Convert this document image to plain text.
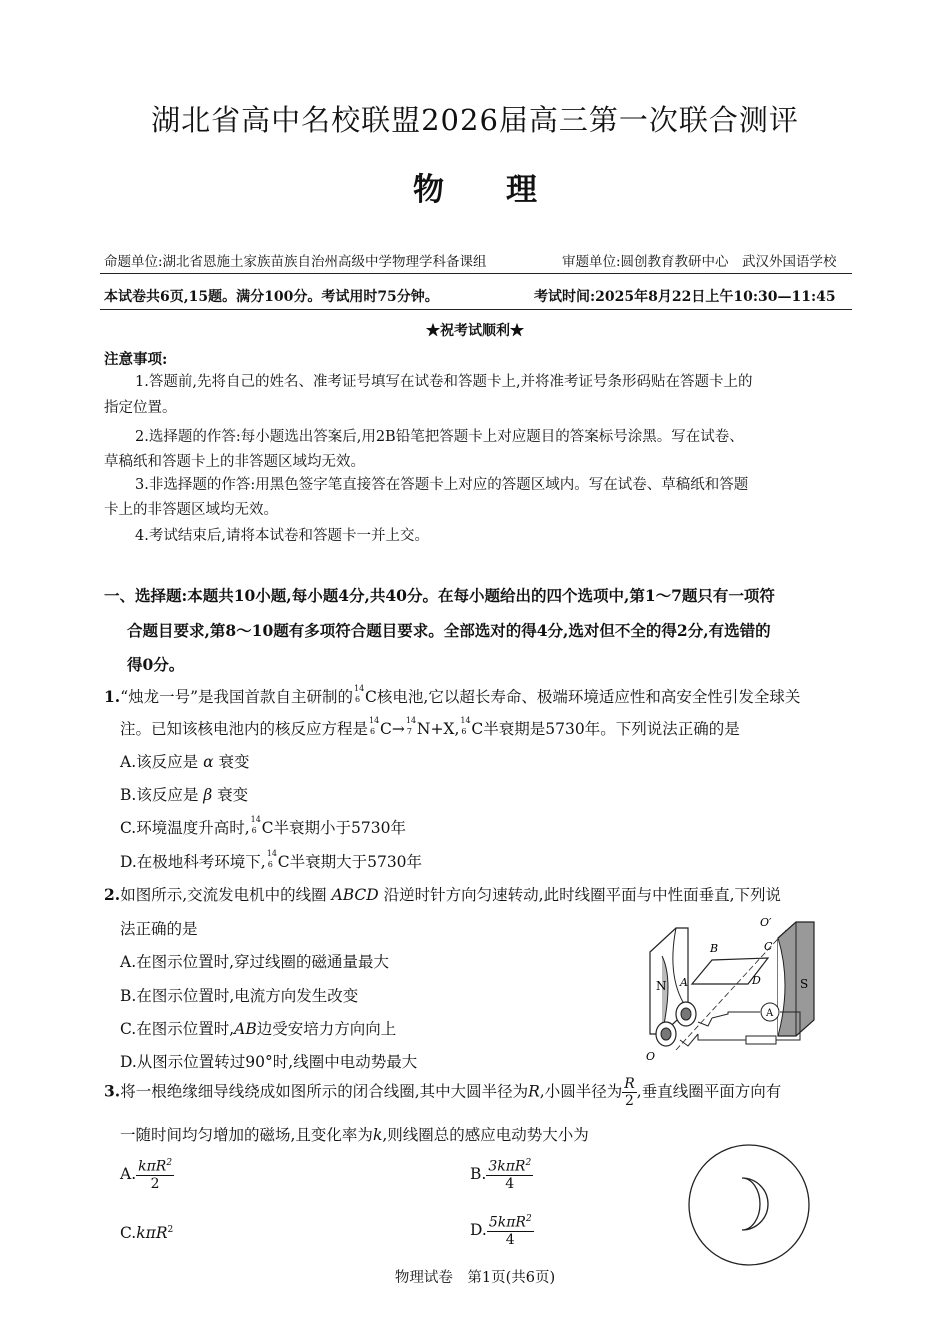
湖北省高中名校联盟2026届高三第一次联合测评
物理
命题单位:湖北省恩施土家族苗族自治州高级中学物理学科备课组	审题单位:圆创教育教研中心　武汉外国语学校
本试卷共6页,15题。满分100分。考试用时75分钟。	考试时间:2025年8月22日上午10:30—11:45
★祝考试顺利★
注意事项:
1.答题前,先将自己的姓名、准考证号填写在试卷和答题卡上,并将准考证号条形码贴在答题卡上的
指定位置。
2.选择题的作答:每小题选出答案后,用2B铅笔把答题卡上对应题目的答案标号涂黑。写在试卷、
草稿纸和答题卡上的非答题区域均无效。
3.非选择题的作答:用黑色签字笔直接答在答题卡上对应的答题区域内。写在试卷、草稿纸和答题
卡上的非答题区域均无效。
4.考试结束后,请将本试卷和答题卡一并上交。
一、选择题:本题共10小题,每小题4分,共40分。在每小题给出的四个选项中,第1～7题只有一项符
合题目要求,第8～10题有多项符合题目要求。全部选对的得4分,选对但不全的得2分,有选错的
得0分。
1.“烛龙一号”是我国首款自主研制的 14
6 C核电池,它以超长寿命、极端环境适应性和高安全性引发全球关
注。已知该核电池内的核反应方程是 14
6 C→ 14
7 N+X, 14
6 C半衰期是5730年。下列说法正确的是
A.该反应是 α 衰变
B.该反应是 β 衰变
C.环境温度升高时, 14
6 C半衰期小于5730年
D.在极地科考环境下, 14
6 C半衰期大于5730年
2.如图所示,交流发电机中的线圈 ABCD 沿逆时针方向匀速转动,此时线圈平面与中性面垂直,下列说
法正确的是
A.在图示位置时,穿过线圈的磁通量最大
B.在图示位置时,电流方向发生改变
C.在图示位置时,AB边受安培力方向向上
D.从图示位置转过90°时,线圈中电动势最大
N	S
B	C
A	D
O′
O
A
3.将一根绝缘细导线绕成如图所示的闭合线圈,其中大圆半径为R,小圆半径为 $\frac{R}{2}$ ,垂直线圈平面方向有
一随时间均匀增加的磁场,且变化率为k,则线圈总的感应电动势大小为
A. $\frac{k\pi R^2}{2}$	B. $\frac{3k\pi R^2}{4}$
C.kπR$^2$	D. $\frac{5k\pi R^2}{4}$
物理试卷　第1页(共6页)
